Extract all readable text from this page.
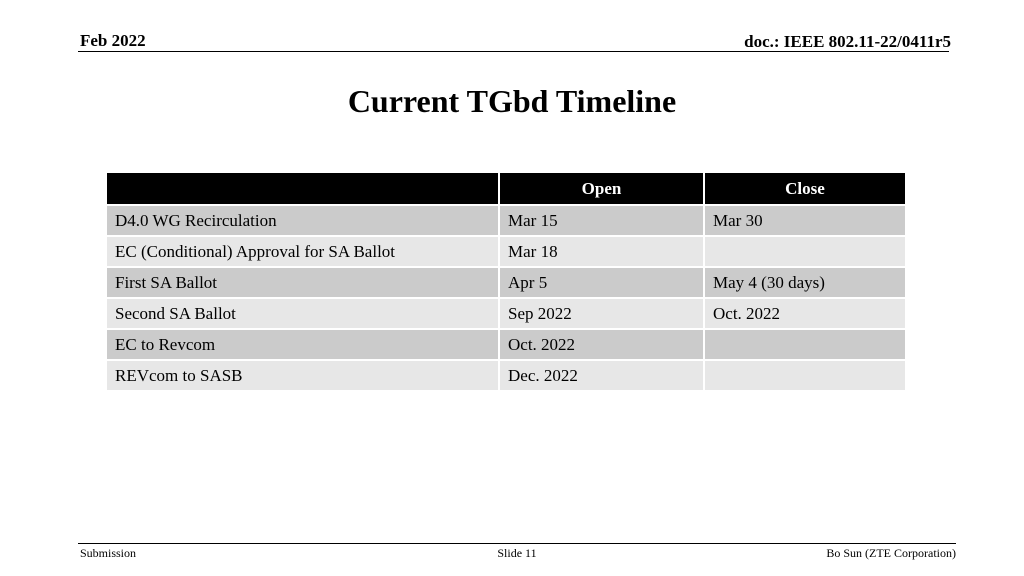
Feb 2022	doc.: IEEE 802.11-22/0411r5
Current TGbd Timeline
	Open	Close
D4.0 WG Recirculation	Mar 15	Mar 30
EC (Conditional) Approval for SA Ballot	Mar 18	
First SA Ballot	Apr 5	May 4 (30 days)
Second SA Ballot	Sep 2022	Oct. 2022
EC to Revcom	Oct. 2022	
REVcom to SASB	Dec. 2022	
Submission	Slide 11	Bo Sun (ZTE Corporation)
